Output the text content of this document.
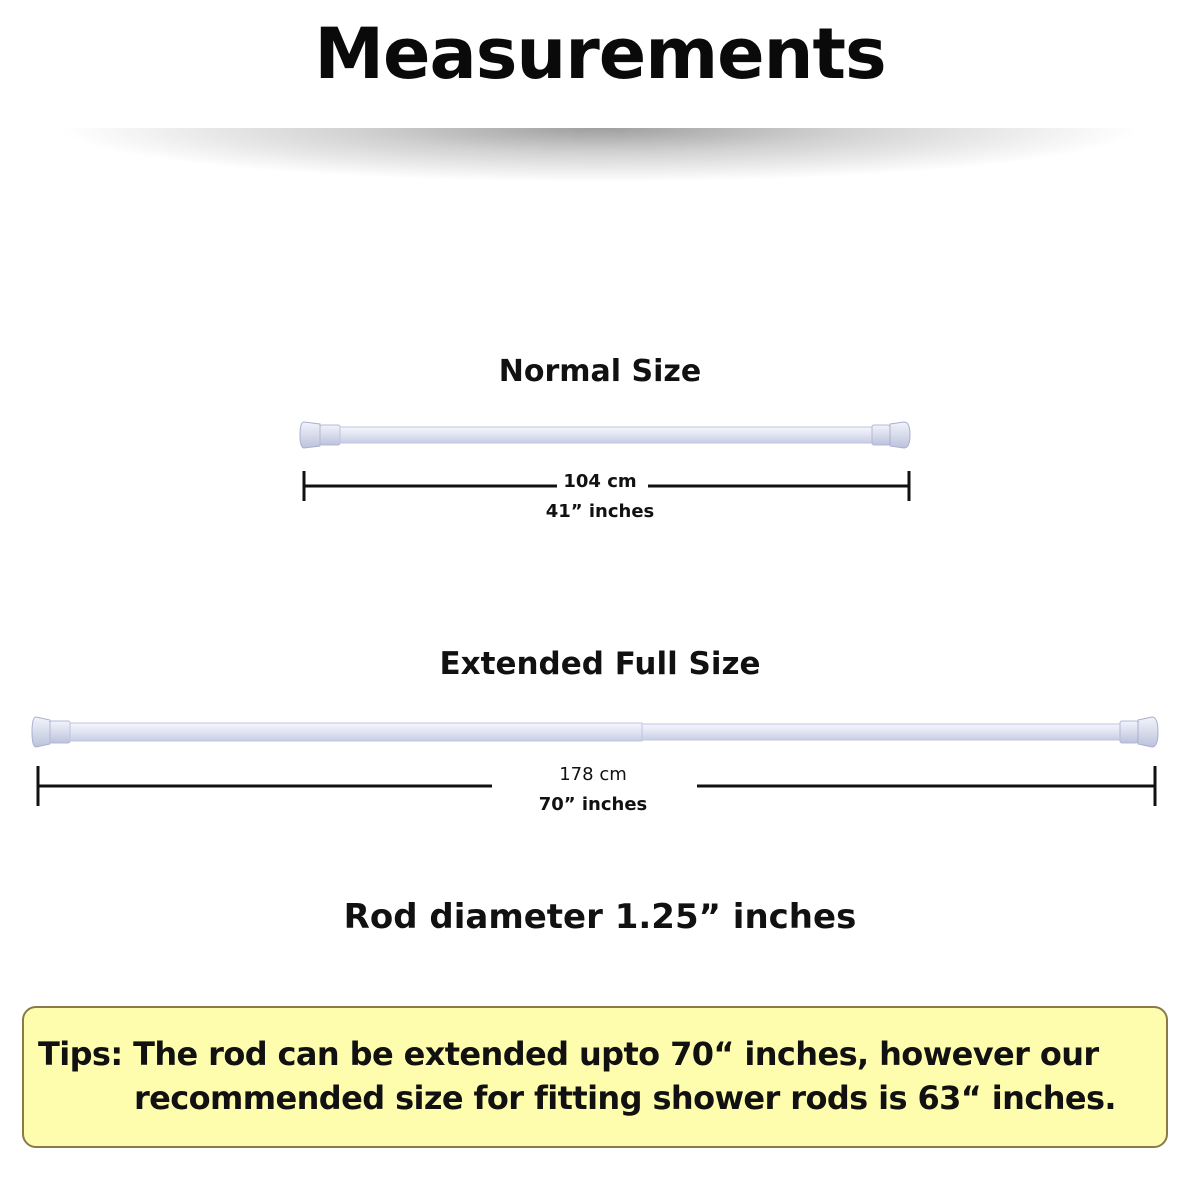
Measurements
Normal Size
104 cm
41” inches
Extended Full Size
178 cm
70” inches
Rod diameter 1.25” inches
Tips: The rod can be extended upto 70“ inches, however our
recommended size for fitting shower rods is 63“ inches.
